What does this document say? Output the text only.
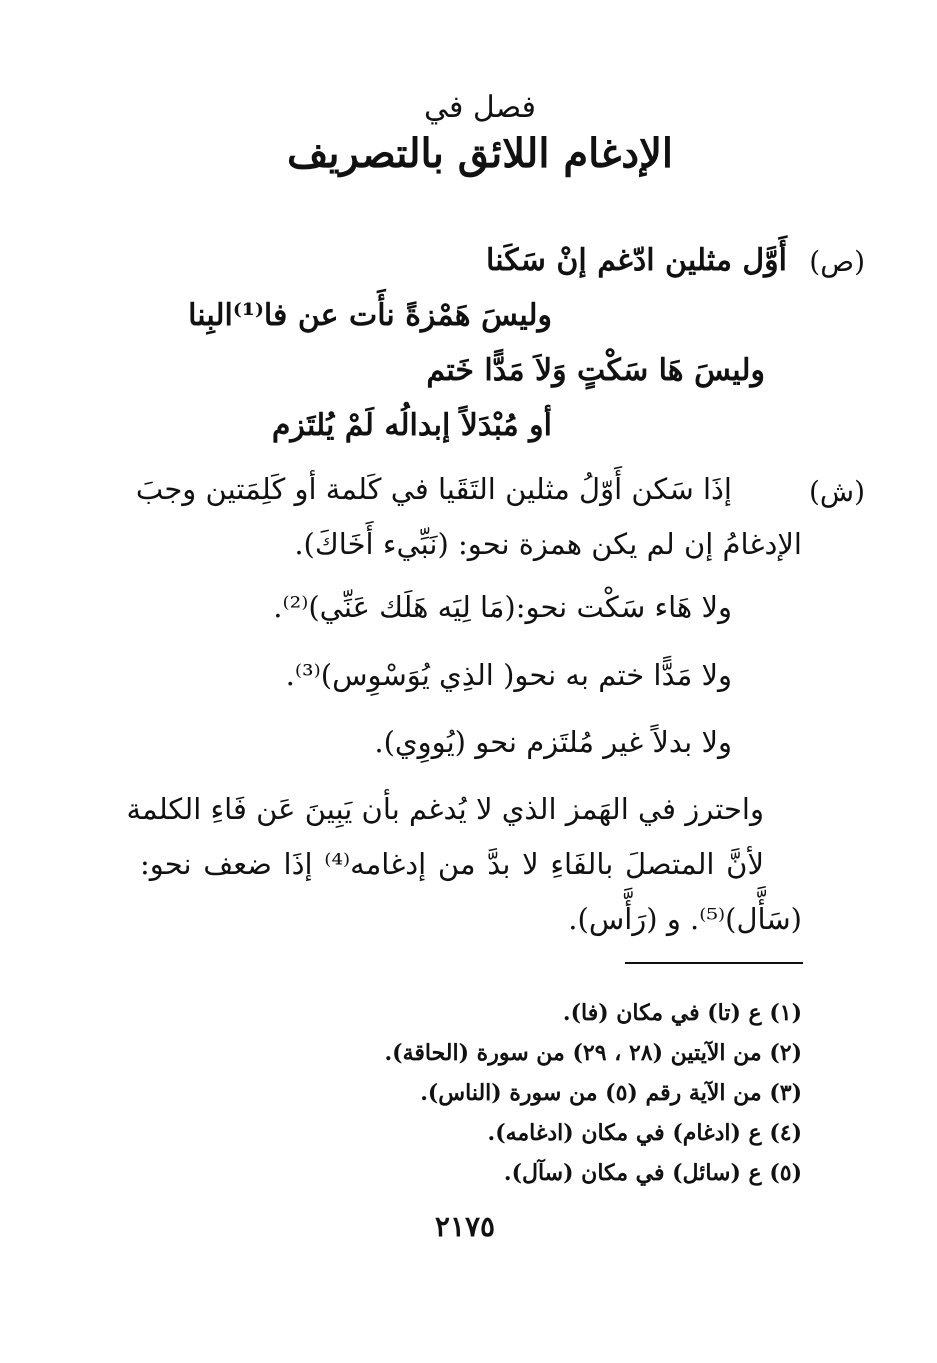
فصل في
الإدغام اللائق بالتصريف
(ص)
أَوَّل مثلين ادّغم إنْ سَكَنا
وليسَ هَمْزةً نأَت عن فا⁽¹⁾البِنا
وليسَ هَا سَكْتٍ وَلاَ مَدًّا خَتم
أو مُبْدَلاً إبدالُه لَمْ يُلتَزم
(ش)
إذَا سَكن أَوّلُ مثلين التَقَيا في كَلمة أو كَلِمَتين وجبَ
الإدغامُ إن لم يكن همزة نحو: (نَبِّيء أَخَاكَ).
ولا هَاء سَكْت نحو:(مَا لِيَه هَلَك عَنِّي)⁽²⁾.
ولا مَدًّا ختم به نحو( الذِي يُوَسْوِس)⁽³⁾.
ولا بدلاً غير مُلتَزم نحو (يُووِي).
واحترز في الهَمز الذي لا يُدغم بأن يَبِينَ عَن فَاءِ الكلمة
لأنَّ المتصلَ بالفَاءِ لا بدَّ من إدغامه⁽⁴⁾ إذَا ضعف نحو:
(سَأَّل)⁽⁵⁾. و (رَأَّس).
(١) ع (تا) في مكان (فا).
(٢) من الآيتين (٢٨ ، ٢٩) من سورة (الحاقة).
(٣) من الآية رقم (٥) من سورة (الناس).
(٤) ع (ادغام) في مكان (ادغامه).
(٥) ع (سائل) في مكان (سآل).
٢١٧٥
